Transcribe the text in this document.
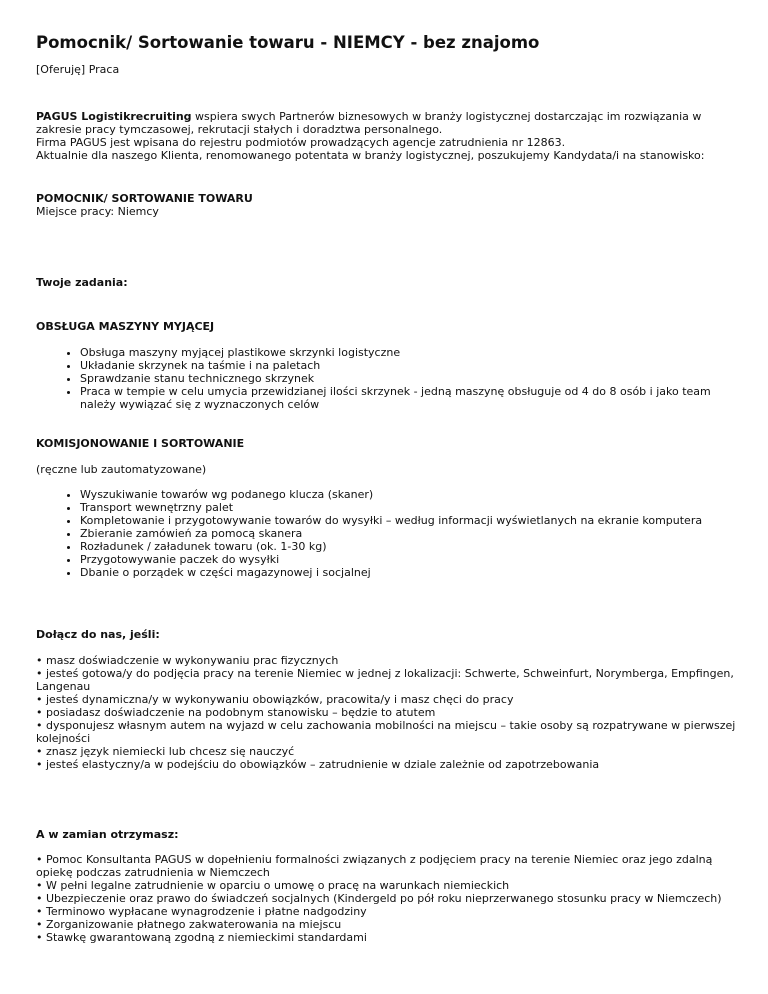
Pomocnik/ Sortowanie towaru - NIEMCY - bez znajomo
[Oferuję] Praca

PAGUS Logistikrecruiting wspiera swych Partnerów biznesowych w branży logistycznej dostarczając im rozwiązania w zakresie pracy tymczasowej, rekrutacji stałych i doradztwa personalnego.

Firma PAGUS jest wpisana do rejestru podmiotów prowadzących agencje zatrudnienia nr 12863.

Aktualnie dla naszego Klienta, renomowanego potentata w branży logistycznej, poszukujemy Kandydata/i na stanowisko:

POMOCNIK/ SORTOWANIE TOWARU

Miejsce pracy: Niemcy

Twoje zadania:
OBSŁUGA MASZYNY MYJĄCEJ
• Obsługa maszyny myjącej plastikowe skrzynki logistyczne
• Układanie skrzynek na taśmie i na paletach
• Sprawdzanie stanu technicznego skrzynek
• Praca w tempie w celu umycia przewidzianej ilości skrzynek - jedną maszynę obsługuje od 4 do 8 osób i jako team należy wywiązać się z wyznaczonych celów
KOMISJONOWANIE I SORTOWANIE
(ręczne lub zautomatyzowane)
• Wyszukiwanie towarów wg podanego klucza (skaner)
• Transport wewnętrzny palet
• Kompletowanie i przygotowywanie towarów do wysyłki – według informacji wyświetlanych na ekranie komputera
• Zbieranie zamówień za pomocą skanera
• Rozładunek / załadunek towaru (ok. 1-30 kg)
• Przygotowywanie paczek do wysyłki
• Dbanie o porządek w części magazynowej i socjalnej
Dołącz do nas, jeśli:

• masz doświadczenie w wykonywaniu prac fizycznych

• jesteś gotowa/y do podjęcia pracy na terenie Niemiec w jednej z lokalizacji: Schwerte, Schweinfurt, Norymberga, Empfingen, Langenau

• jesteś dynamiczna/y w wykonywaniu obowiązków, pracowita/y i masz chęci do pracy

• posiadasz doświadczenie na podobnym stanowisku – będzie to atutem

• dysponujesz własnym autem na wyjazd w celu zachowania mobilności na miejscu – takie osoby są rozpatrywane w pierwszej kolejności

• znasz język niemiecki lub chcesz się nauczyć

• jesteś elastyczny/a w podejściu do obowiązków – zatrudnienie w dziale zależnie od zapotrzebowania

A w zamian otrzymasz:

• Pomoc Konsultanta PAGUS w dopełnieniu formalności związanych z podjęciem pracy na terenie Niemiec oraz jego zdalną opiekę podczas zatrudnienia w Niemczech

• W pełni legalne zatrudnienie w oparciu o umowę o pracę na warunkach niemieckich

• Ubezpieczenie oraz prawo do świadczeń socjalnych (Kindergeld po pół roku nieprzerwanego stosunku pracy w Niemczech)

• Terminowo wypłacane wynagrodzenie i płatne nadgodziny

• Zorganizowanie płatnego zakwaterowania na miejscu

• Stawkę gwarantowaną zgodną z niemieckimi standardami
